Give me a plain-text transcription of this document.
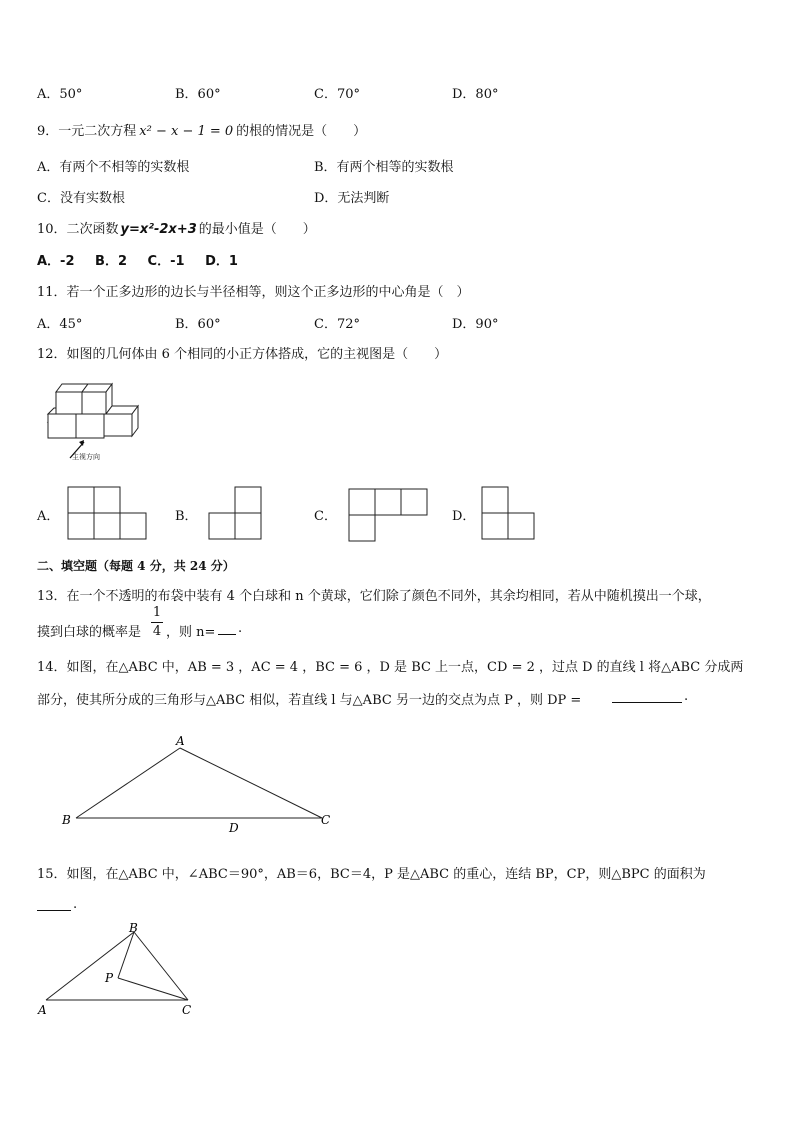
A．50°	B．60°	C．70°	D．80°
9．一元二次方程 x² − x − 1 = 0 的根的情况是（　　）
A．有两个不相等的实数根	B．有两个相等的实数根
C．没有实数根	D．无法判断
10．二次函数 y=x²-2x+3 的最小值是（　　）
A．-2 B．2 C．-1 D．1
11．若一个正多边形的边长与半径相等，则这个正多边形的中心角是（　）
A．45°	B．60°	C．72°	D．90°
12．如图的几何体由 6 个相同的小正方体搭成，它的主视图是（　　）
主视方向
A．	B．	C．	D．
二、填空题（每题 4 分，共 24 分）
13．在一个不透明的布袋中装有 4 个白球和 n 个黄球，它们除了颜色不同外，其余均相同，若从中随机摸出一个球，
摸到白球的概率是
1
4 ，则 n= .
14．如图，在△ABC 中，AB = 3 ，AC = 4 ，BC = 6 ，D 是 BC 上一点，CD = 2 ，过点 D 的直线 l 将△ABC 分成两
部分，使其所分成的三角形与△ABC 相似，若直线 l 与△ABC 另一边的交点为点 P ，则 DP =	.
A
B
D
C
15．如图，在△ABC 中，∠ABC＝90°，AB＝6，BC＝4，P 是△ABC 的重心，连结 BP，CP，则△BPC 的面积为
.
B
P
A	C
